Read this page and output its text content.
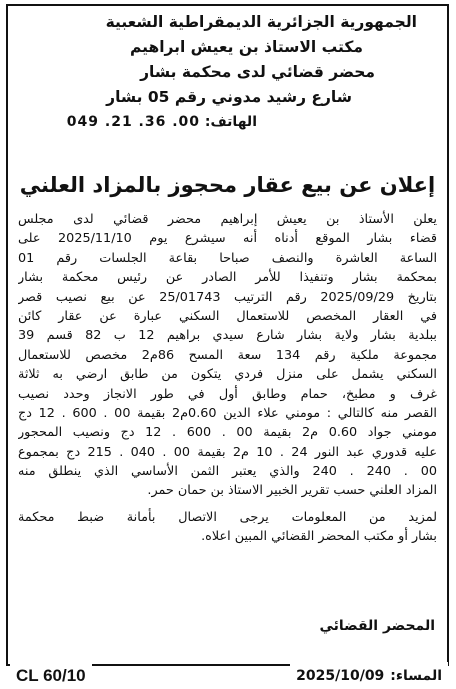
الجمهورية الجزائرية الديمقراطية الشعبية
مكتب الاستاذ بن يعيش ابراهيم
محضر قضائي لدى محكمة بشار
شارع رشيد مدوني رقم 05 بشار
الهاتف: 049 .21 .36 .00
إعلان عن بيع عقار محجوز بالمزاد العلني
يعلن الأستاذ بن يعيش إبراهيم محضر قضائي لدى مجلس
قضاء بشار الموقع أدناه أنه سيشرع يوم 2025/11/10 على
الساعة العاشرة والنصف صباحا بقاعة الجلسات رقم 01
بمحكمة بشار وتنفيذا للأمر الصادر عن رئيس محكمة بشار
بتاريخ 2025/09/29 رقم الترتيب 25/01743 عن بيع نصيب قصر
في العقار المخصص للاستعمال السكني عبارة عن عقار كائن
ببلدية بشار ولاية بشار شارع سيدي براهيم 12 ب 82 قسم 39
مجموعة ملكية رقم 134 سعة المسح 86م2 مخصص للاستعمال
السكني يشمل على منزل فردي يتكون من طابق ارضي به ثلاثة
غرف و مطبخ، حمام وطابق أول في طور الانجاز وحدد نصيب
القصر منه كالتالي : مومني علاء الدين 0.60م2 بقيمة 00 . 600 . 12 دج
مومني جواد 0.60 م2 بقيمة 00 . 600 . 12 دج ونصيب المحجور
عليه قدوري عبد النور 24 . 10 م2 بقيمة 00 . 040 . 215 دج بمجموع
00 . 240 . 240 والذي يعتبر الثمن الأساسي الذي ينطلق منه
المزاد العلني حسب تقرير الخبير الاستاذ بن حمان حمر.
لمزيد من المعلومات يرجى الاتصال بأمانة ضبط محكمة
بشار أو مكتب المحضر القضائي المبين اعلاه.
المحضر القضائي
CL 60/10	المساء:
2025/10/09
